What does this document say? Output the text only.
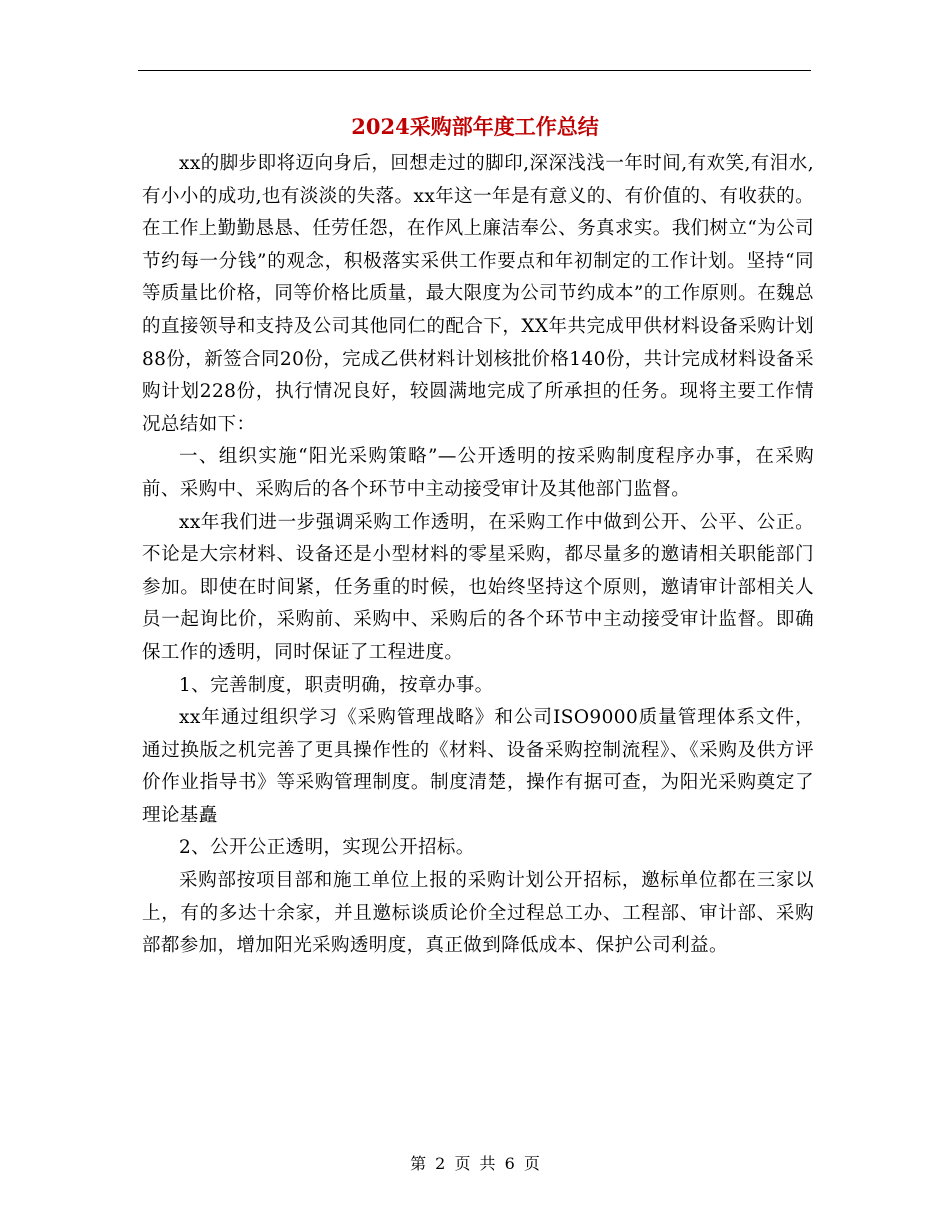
2024采购部年度工作总结

xx的脚步即将迈向身后，回想走过的脚印,深深浅浅一年时间,有欢笑,有泪水,有小小的成功,也有淡淡的失落。xx年这一年是有意义的、有价值的、有收获的。在工作上勤勤恳恳、任劳任怨，在作风上廉洁奉公、务真求实。我们树立“为公司节约每一分钱”的观念，积极落实采供工作要点和年初制定的工作计划。坚持“同等质量比价格，同等价格比质量，最大限度为公司节约成本”的工作原则。在魏总的直接领导和支持及公司其他同仁的配合下，XX年共完成甲供材料设备采购计划88份，新签合同20份，完成乙供材料计划核批价格140份，共计完成材料设备采购计划228份，执行情况良好，较圆满地完成了所承担的任务。现将主要工作情况总结如下：

一、组织实施“阳光采购策略”—公开透明的按采购制度程序办事，在采购前、采购中、采购后的各个环节中主动接受审计及其他部门监督。

xx年我们进一步强调采购工作透明，在采购工作中做到公开、公平、公正。不论是大宗材料、设备还是小型材料的零星采购，都尽量多的邀请相关职能部门参加。即使在时间紧，任务重的时候，也始终坚持这个原则，邀请审计部相关人员一起询比价，采购前、采购中、采购后的各个环节中主动接受审计监督。即确保工作的透明，同时保证了工程进度。

1、完善制度，职责明确，按章办事。

xx年通过组织学习《采购管理战略》和公司ISO9000质量管理体系文件，通过换版之机完善了更具操作性的《材料、设备采购控制流程》、《采购及供方评价作业指导书》等采购管理制度。制度清楚，操作有据可查，为阳光采购奠定了理论基矗

2、公开公正透明，实现公开招标。

采购部按项目部和施工单位上报的采购计划公开招标，邀标单位都在三家以上，有的多达十余家，并且邀标谈质论价全过程总工办、工程部、审计部、采购部都参加，增加阳光采购透明度，真正做到降低成本、保护公司利益。

第 2 页 共 6 页
